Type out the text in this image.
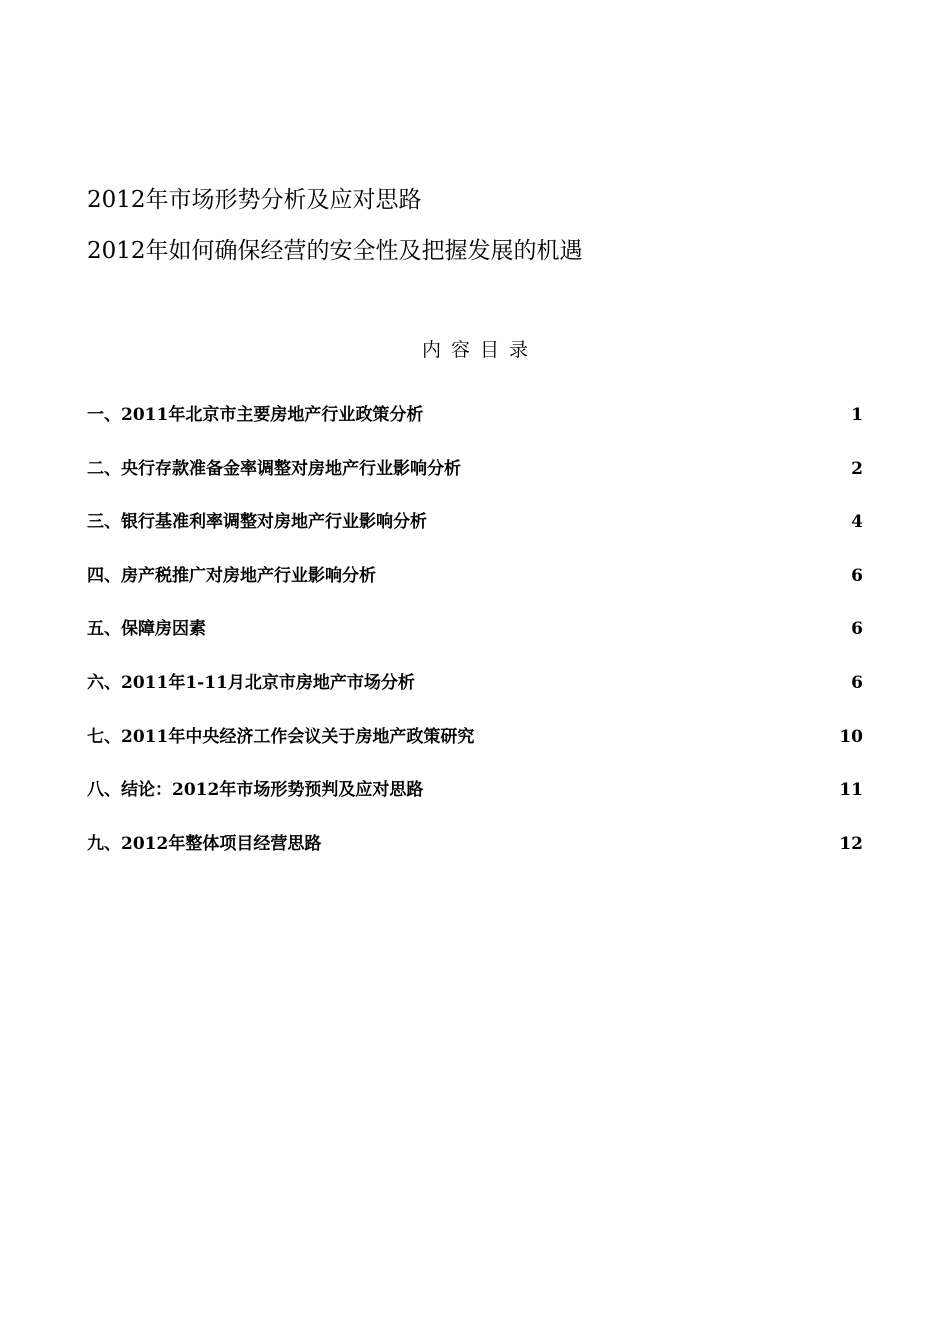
2012年市场形势分析及应对思路
2012年如何确保经营的安全性及把握发展的机遇
内容目录
一、2011年北京市主要房地产行业政策分析	1
二、央行存款准备金率调整对房地产行业影响分析	2
三、银行基准利率调整对房地产行业影响分析	4
四、房产税推广对房地产行业影响分析	6
五、保障房因素	6
六、2011年1-11月北京市房地产市场分析	6
七、2011年中央经济工作会议关于房地产政策研究	10
八、结论：2012年市场形势预判及应对思路	11
九、2012年整体项目经营思路	12
